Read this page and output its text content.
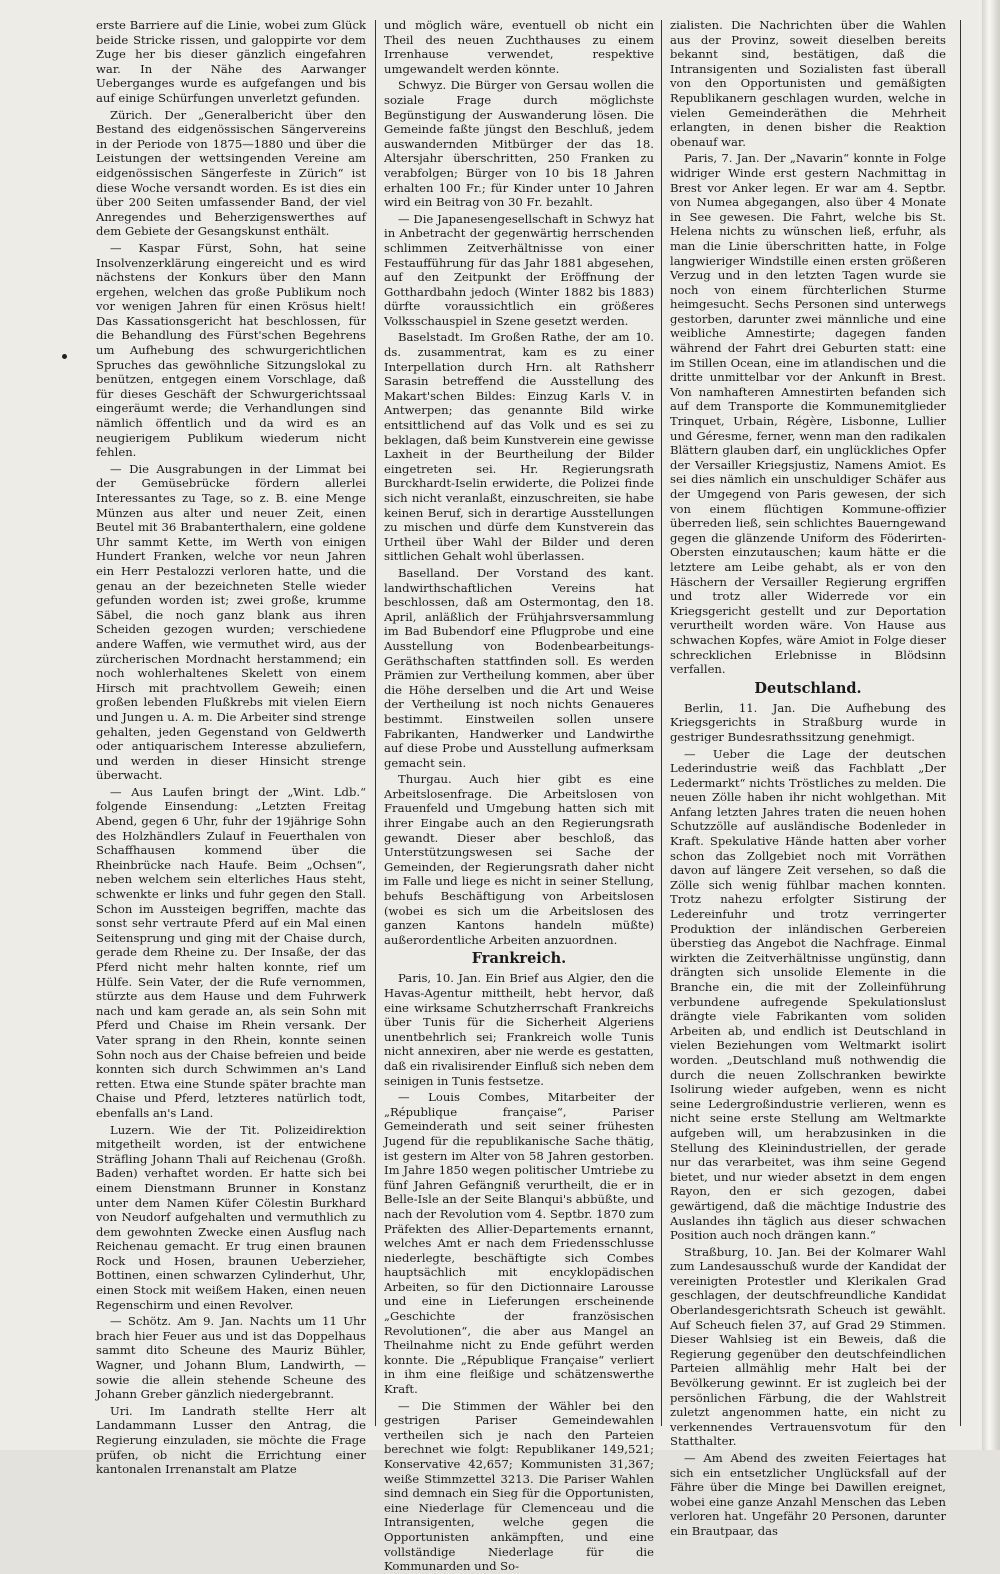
erste Barriere auf die Linie, wobei zum Glück beide Stricke rissen, und galoppirte vor dem Zuge her bis dieser gänzlich eingefahren war. In der Nähe des Aarwanger Ueberganges wurde es aufgefangen und bis auf einige Schürfungen unverletzt gefunden.

Zürich. Der „Generalbericht über den Bestand des eidgenössischen Sängervereins in der Periode von 1875—1880 und über die Leistungen der wettsingenden Vereine am eidgenössischen Sängerfeste in Zürich“ ist diese Woche versandt worden. Es ist dies ein über 200 Seiten umfassender Band, der viel Anregendes und Beherzigenswerthes auf dem Gebiete der Gesangskunst enthält.

— Kaspar Fürst, Sohn, hat seine Insolvenzerklärung eingereicht und es wird nächstens der Konkurs über den Mann ergehen, welchen das große Publikum noch vor wenigen Jahren für einen Krösus hielt! Das Kassationsgericht hat beschlossen, für die Behandlung des Fürst'schen Begehrens um Aufhebung des schwurgerichtlichen Spruches das gewöhnliche Sitzungslokal zu benützen, entgegen einem Vorschlage, daß für dieses Geschäft der Schwurgerichtssaal eingeräumt werde; die Verhandlungen sind nämlich öffentlich und da wird es an neugierigem Publikum wiederum nicht fehlen.

— Die Ausgrabungen in der Limmat bei der Gemüsebrücke fördern allerlei Interessantes zu Tage, so z. B. eine Menge Münzen aus alter und neuer Zeit, einen Beutel mit 36 Brabanterthalern, eine goldene Uhr sammt Kette, im Werth von einigen Hundert Franken, welche vor neun Jahren ein Herr Pestalozzi verloren hatte, und die genau an der bezeichneten Stelle wieder gefunden worden ist; zwei große, krumme Säbel, die noch ganz blank aus ihren Scheiden gezogen wurden; verschiedene andere Waffen, wie vermuthet wird, aus der zürcherischen Mordnacht herstammend; ein noch wohlerhaltenes Skelett von einem Hirsch mit prachtvollem Geweih; einen großen lebenden Flußkrebs mit vielen Eiern und Jungen u. A. m. Die Arbeiter sind strenge gehalten, jeden Gegenstand von Geldwerth oder antiquarischem Interesse abzuliefern, und werden in dieser Hinsicht strenge überwacht.

— Aus Laufen bringt der „Wint. Ldb.“ folgende Einsendung: „Letzten Freitag Abend, gegen 6 Uhr, fuhr der 19jährige Sohn des Holzhändlers Zulauf in Feuerthalen von Schaffhausen kommend über die Rheinbrücke nach Haufe. Beim „Ochsen“, neben welchem sein elterliches Haus steht, schwenkte er links und fuhr gegen den Stall. Schon im Aussteigen begriffen, machte das sonst sehr vertraute Pferd auf ein Mal einen Seitensprung und ging mit der Chaise durch, gerade dem Rheine zu. Der Insaße, der das Pferd nicht mehr halten konnte, rief um Hülfe. Sein Vater, der die Rufe vernommen, stürzte aus dem Hause und dem Fuhrwerk nach und kam gerade an, als sein Sohn mit Pferd und Chaise im Rhein versank. Der Vater sprang in den Rhein, konnte seinen Sohn noch aus der Chaise befreien und beide konnten sich durch Schwimmen an's Land retten. Etwa eine Stunde später brachte man Chaise und Pferd, letzteres natürlich todt, ebenfalls an's Land.

Luzern. Wie der Tit. Polizeidirektion mitgetheilt worden, ist der entwichene Sträfling Johann Thali auf Reichenau (Großh. Baden) verhaftet worden. Er hatte sich bei einem Dienstmann Brunner in Konstanz unter dem Namen Küfer Cölestin Burkhard von Neudorf aufgehalten und vermuthlich zu dem gewohnten Zwecke einen Ausflug nach Reichenau gemacht. Er trug einen braunen Rock und Hosen, braunen Ueberzieher, Bottinen, einen schwarzen Cylinderhut, Uhr, einen Stock mit weißem Haken, einen neuen Regenschirm und einen Revolver.

— Schötz. Am 9. Jan. Nachts um 11 Uhr brach hier Feuer aus und ist das Doppelhaus sammt dito Scheune des Mauriz Bühler, Wagner, und Johann Blum, Landwirth, — sowie die allein stehende Scheune des Johann Greber gänzlich niedergebrannt.

Uri. Im Landrath stellte Herr alt Landammann Lusser den Antrag, die Regierung einzuladen, sie möchte die Frage prüfen, ob nicht die Errichtung einer kantonalen Irrenanstalt am Platze

und möglich wäre, eventuell ob nicht ein Theil des neuen Zuchthauses zu einem Irrenhause verwendet, respektive umgewandelt werden könnte.

Schwyz. Die Bürger von Gersau wollen die soziale Frage durch möglichste Begünstigung der Auswanderung lösen. Die Gemeinde faßte jüngst den Beschluß, jedem auswandernden Mitbürger der das 18. Altersjahr überschritten, 250 Franken zu verabfolgen; Bürger von 10 bis 18 Jahren erhalten 100 Fr.; für Kinder unter 10 Jahren wird ein Beitrag von 30 Fr. bezahlt.

— Die Japanesengesellschaft in Schwyz hat in Anbetracht der gegenwärtig herrschenden schlimmen Zeitverhältnisse von einer Festaufführung für das Jahr 1881 abgesehen, auf den Zeitpunkt der Eröffnung der Gotthardbahn jedoch (Winter 1882 bis 1883) dürfte voraussichtlich ein größeres Volksschauspiel in Szene gesetzt werden.

Baselstadt. Im Großen Rathe, der am 10. ds. zusammentrat, kam es zu einer Interpellation durch Hrn. alt Rathsherr Sarasin betreffend die Ausstellung des Makart'schen Bildes: Einzug Karls V. in Antwerpen; das genannte Bild wirke entsittlichend auf das Volk und es sei zu beklagen, daß beim Kunstverein eine gewisse Laxheit in der Beurtheilung der Bilder eingetreten sei. Hr. Regierungsrath Burckhardt-Iselin erwiderte, die Polizei finde sich nicht veranlaßt, einzuschreiten, sie habe keinen Beruf, sich in derartige Ausstellungen zu mischen und dürfe dem Kunstverein das Urtheil über Wahl der Bilder und deren sittlichen Gehalt wohl überlassen.

Baselland. Der Vorstand des kant. landwirthschaftlichen Vereins hat beschlossen, daß am Ostermontag, den 18. April, anläßlich der Frühjahrsversammlung im Bad Bubendorf eine Pflugprobe und eine Ausstellung von Bodenbearbeitungs-Geräthschaften stattfinden soll. Es werden Prämien zur Vertheilung kommen, aber über die Höhe derselben und die Art und Weise der Vertheilung ist noch nichts Genaueres bestimmt. Einstweilen sollen unsere Fabrikanten, Handwerker und Landwirthe auf diese Probe und Ausstellung aufmerksam gemacht sein.

Thurgau. Auch hier gibt es eine Arbeitslosenfrage. Die Arbeitslosen von Frauenfeld und Umgebung hatten sich mit ihrer Eingabe auch an den Regierungsrath gewandt. Dieser aber beschloß, das Unterstützungswesen sei Sache der Gemeinden, der Regierungsrath daher nicht im Falle und liege es nicht in seiner Stellung, behufs Beschäftigung von Arbeitslosen (wobei es sich um die Arbeitslosen des ganzen Kantons handeln müßte) außerordentliche Arbeiten anzuordnen.

Frankreich.

Paris, 10. Jan. Ein Brief aus Algier, den die Havas-Agentur mittheilt, hebt hervor, daß eine wirksame Schutzherrschaft Frankreichs über Tunis für die Sicherheit Algeriens unentbehrlich sei; Frankreich wolle Tunis nicht annexiren, aber nie werde es gestatten, daß ein rivalisirender Einfluß sich neben dem seinigen in Tunis festsetze.

— Louis Combes, Mitarbeiter der „République française“, Pariser Gemeinderath und seit seiner frühesten Jugend für die republikanische Sache thätig, ist gestern im Alter von 58 Jahren gestorben. Im Jahre 1850 wegen politischer Umtriebe zu fünf Jahren Gefängniß verurtheilt, die er in Belle-Isle an der Seite Blanqui's abbüßte, und nach der Revolution vom 4. Septbr. 1870 zum Präfekten des Allier-Departements ernannt, welches Amt er nach dem Friedensschlusse niederlegte, beschäftigte sich Combes hauptsächlich mit encyklopädischen Arbeiten, so für den Dictionnaire Larousse und eine in Lieferungen erscheinende „Geschichte der französischen Revolutionen“, die aber aus Mangel an Theilnahme nicht zu Ende geführt werden konnte. Die „République Française“ verliert in ihm eine fleißige und schätzenswerthe Kraft.

— Die Stimmen der Wähler bei den gestrigen Pariser Gemeindewahlen vertheilen sich je nach den Parteien berechnet wie folgt: Republikaner 149,521; Konservative 42,657; Kommunisten 31,367; weiße Stimmzettel 3213. Die Pariser Wahlen sind demnach ein Sieg für die Opportunisten, eine Niederlage für Clemenceau und die Intransigenten, welche gegen die Opportunisten ankämpften, und eine vollständige Niederlage für die Kommunarden und So-

zialisten. Die Nachrichten über die Wahlen aus der Provinz, soweit dieselben bereits bekannt sind, bestätigen, daß die Intransigenten und Sozialisten fast überall von den Opportunisten und gemäßigten Republikanern geschlagen wurden, welche in vielen Gemeinderäthen die Mehrheit erlangten, in denen bisher die Reaktion obenauf war.

Paris, 7. Jan. Der „Navarin“ konnte in Folge widriger Winde erst gestern Nachmittag in Brest vor Anker legen. Er war am 4. Septbr. von Numea abgegangen, also über 4 Monate in See gewesen. Die Fahrt, welche bis St. Helena nichts zu wünschen ließ, erfuhr, als man die Linie überschritten hatte, in Folge langwieriger Windstille einen ersten größeren Verzug und in den letzten Tagen wurde sie noch von einem fürchterlichen Sturme heimgesucht. Sechs Personen sind unterwegs gestorben, darunter zwei männliche und eine weibliche Amnestirte; dagegen fanden während der Fahrt drei Geburten statt: eine im Stillen Ocean, eine im atlandischen und die dritte unmittelbar vor der Ankunft in Brest. Von namhafteren Amnestirten befanden sich auf dem Transporte die Kommunemitglieder Trinquet, Urbain, Régère, Lisbonne, Lullier und Géresme, ferner, wenn man den radikalen Blättern glauben darf, ein unglückliches Opfer der Versailler Kriegsjustiz, Namens Amiot. Es sei dies nämlich ein unschuldiger Schäfer aus der Umgegend von Paris gewesen, der sich von einem flüchtigen Kommune-offizier überreden ließ, sein schlichtes Bauerngewand gegen die glänzende Uniform des Föderirten-Obersten einzutauschen; kaum hätte er die letztere am Leibe gehabt, als er von den Häschern der Versailler Regierung ergriffen und trotz aller Widerrede vor ein Kriegsgericht gestellt und zur Deportation verurtheilt worden wäre. Von Hause aus schwachen Kopfes, wäre Amiot in Folge dieser schrecklichen Erlebnisse in Blödsinn verfallen.

Deutschland.

Berlin, 11. Jan. Die Aufhebung des Kriegsgerichts in Straßburg wurde in gestriger Bundesrathssitzung genehmigt.

— Ueber die Lage der deutschen Lederindustrie weiß das Fachblatt „Der Ledermarkt“ nichts Tröstliches zu melden. Die neuen Zölle haben ihr nicht wohlgethan. Mit Anfang letzten Jahres traten die neuen hohen Schutzzölle auf ausländische Bodenleder in Kraft. Spekulative Hände hatten aber vorher schon das Zollgebiet noch mit Vorräthen davon auf längere Zeit versehen, so daß die Zölle sich wenig fühlbar machen konnten. Trotz nahezu erfolgter Sistirung der Ledereinfuhr und trotz verringerter Produktion der inländischen Gerbereien überstieg das Angebot die Nachfrage. Einmal wirkten die Zeitverhältnisse ungünstig, dann drängten sich unsolide Elemente in die Branche ein, die mit der Zolleinführung verbundene aufregende Spekulationslust drängte viele Fabrikanten vom soliden Arbeiten ab, und endlich ist Deutschland in vielen Beziehungen vom Weltmarkt isolirt worden. „Deutschland muß nothwendig die durch die neuen Zollschranken bewirkte Isolirung wieder aufgeben, wenn es nicht seine Ledergroßindustrie verlieren, wenn es nicht seine erste Stellung am Weltmarkte aufgeben will, um herabzusinken in die Stellung des Kleinindustriellen, der gerade nur das verarbeitet, was ihm seine Gegend bietet, und nur wieder absetzt in dem engen Rayon, den er sich gezogen, dabei gewärtigend, daß die mächtige Industrie des Auslandes ihn täglich aus dieser schwachen Position auch noch drängen kann.“

Straßburg, 10. Jan. Bei der Kolmarer Wahl zum Landesausschuß wurde der Kandidat der vereinigten Protestler und Klerikalen Grad geschlagen, der deutschfreundliche Kandidat Oberlandesgerichtsrath Scheuch ist gewählt. Auf Scheuch fielen 37, auf Grad 29 Stimmen. Dieser Wahlsieg ist ein Beweis, daß die Regierung gegenüber den deutschfeindlichen Parteien allmählig mehr Halt bei der Bevölkerung gewinnt. Er ist zugleich bei der persönlichen Färbung, die der Wahlstreit zuletzt angenommen hatte, ein nicht zu verkennendes Vertrauensvotum für den Statthalter.

— Am Abend des zweiten Feiertages hat sich ein entsetzlicher Unglücksfall auf der Fähre über die Minge bei Dawillen ereignet, wobei eine ganze Anzahl Menschen das Leben verloren hat. Ungefähr 20 Personen, darunter ein Brautpaar, das
